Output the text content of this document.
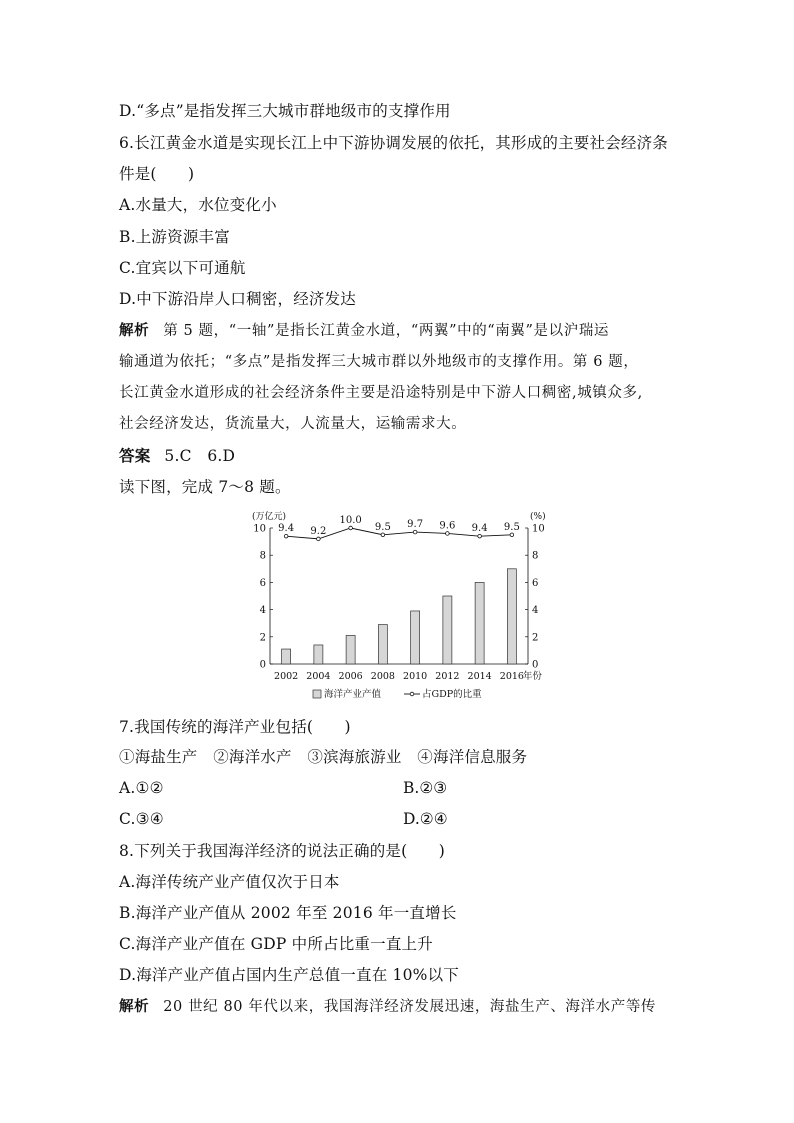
D.“多点”是指发挥三大城市群地级市的支撑作用
6.长江黄金水道是实现长江上中下游协调发展的依托，其形成的主要社会经济条
件是(　　)
A.水量大，水位变化小
B.上游资源丰富
C.宜宾以下可通航
D.中下游沿岸人口稠密，经济发达
解析 第 5 题，“一轴”是指长江黄金水道，“两翼”中的“南翼”是以沪瑞运
输通道为依托；“多点”是指发挥三大城市群以外地级市的支撑作用。第 6 题，
长江黄金水道形成的社会经济条件主要是沿途特别是中下游人口稠密,城镇众多,
社会经济发达，货流量大，人流量大，运输需求大。
答案 5.C　6.D
读下图，完成 7～8 题。
0
2
4
6
8
10
0
2
4
6
8
10
(万亿元)	(%)
2002 2004 2006 2008 2010 2012 2014 2016
年份
9.4 9.2
10.0
9.5 9.7 9.6 9.4 9.5
海洋产业产值	占GDP的比重
7.我国传统的海洋产业包括(　　)
①海盐生产　②海洋水产　③滨海旅游业　④海洋信息服务
A.①②	B.②③
C.③④	D.②④
8.下列关于我国海洋经济的说法正确的是(　　)
A.海洋传统产业产值仅次于日本
B.海洋产业产值从 2002 年至 2016 年一直增长
C.海洋产业产值在 GDP 中所占比重一直上升
D.海洋产业产值占国内生产总值一直在 10%以下
解析 20 世纪 80 年代以来，我国海洋经济发展迅速，海盐生产、海洋水产等传
